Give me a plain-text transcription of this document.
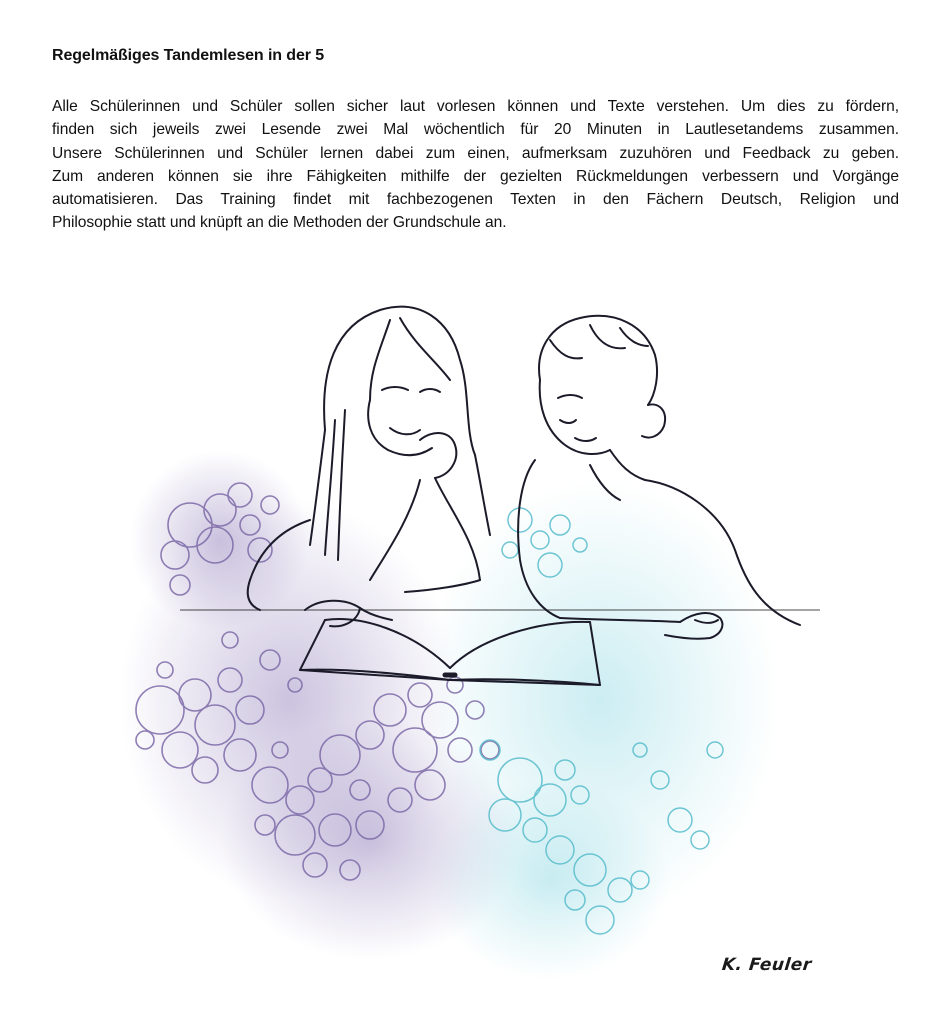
Regelmäßiges Tandemlesen in der 5

Alle Schülerinnen und Schüler sollen sicher laut vorlesen können und Texte verstehen. Um dies zu fördern,
finden sich jeweils zwei Lesende zwei Mal wöchentlich für 20 Minuten in Lautlesetandems zusammen.
Unsere Schülerinnen und Schüler lernen dabei zum einen, aufmerksam zuzuhören und Feedback zu geben.
Zum anderen können sie ihre Fähigkeiten mithilfe der gezielten Rückmeldungen verbessern und Vorgänge
automatisieren. Das Training findet mit fachbezogenen Texten in den Fächern Deutsch, Religion und
Philosophie statt und knüpft an die Methoden der Grundschule an.

K. Feuler
